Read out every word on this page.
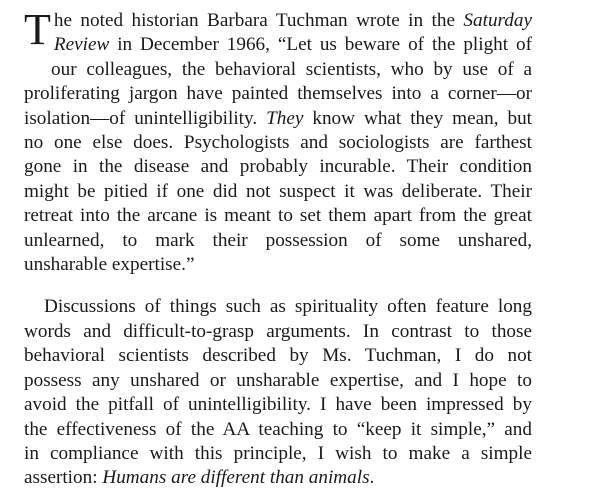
T he noted historian Barbara Tuchman wrote in the Saturday
Review in December 1966, “Let us beware of the plight of
our colleagues, the behavioral scientists, who by use of a
proliferating jargon have painted themselves into a corner—or
isolation—of unintelligibility. They know what they mean, but
no one else does. Psychologists and sociologists are farthest
gone in the disease and probably incurable. Their condition
might be pitied if one did not suspect it was deliberate. Their
retreat into the arcane is meant to set them apart from the great
unlearned, to mark their possession of some unshared,
unsharable expertise.”
Discussions of things such as spirituality often feature long
words and difficult-to-grasp arguments. In contrast to those
behavioral scientists described by Ms. Tuchman, I do not
possess any unshared or unsharable expertise, and I hope to
avoid the pitfall of unintelligibility. I have been impressed by
the effectiveness of the AA teaching to “keep it simple,” and
in compliance with this principle, I wish to make a simple
assertion: Humans are different than animals.
